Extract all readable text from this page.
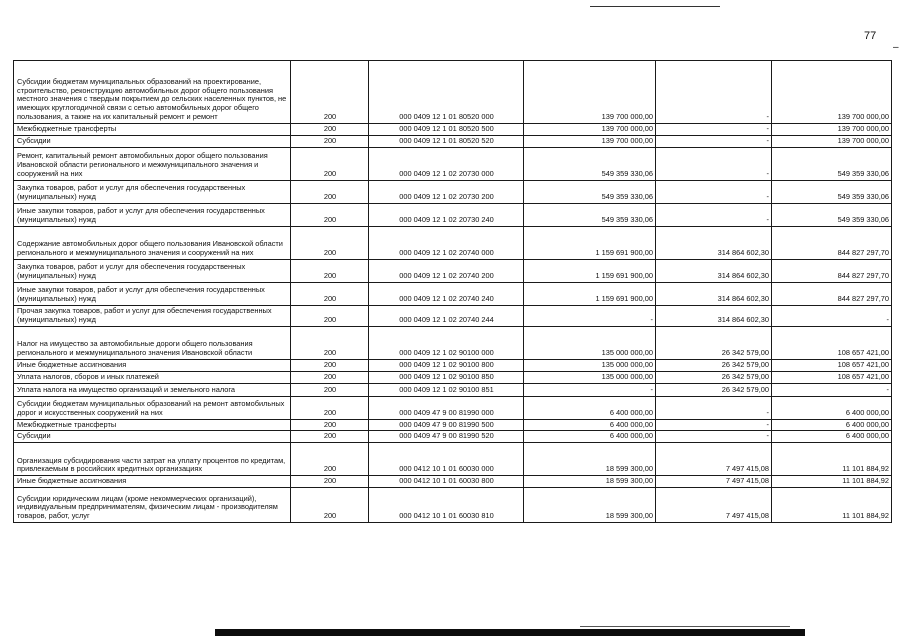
77
–
Субсидии бюджетам муниципальных образований на проектирование, строительство, реконструкцию автомобильных дорог общего пользования местного значения с твердым покрытием до сельских населенных пунктов, не имеющих круглогодичной связи с сетью автомобильных дорог общего пользования, а также на их капитальный ремонт и ремонт	200	000 0409 12 1 01 80520 000	139 700 000,00	-	139 700 000,00
Межбюджетные трансферты	200	000 0409 12 1 01 80520 500	139 700 000,00	-	139 700 000,00
Субсидии	200	000 0409 12 1 01 80520 520	139 700 000,00	-	139 700 000,00
Ремонт, капитальный ремонт автомобильных дорог общего пользования Ивановской области регионального и межмуниципального значения и сооружений на них	200	000 0409 12 1 02 20730 000	549 359 330,06	-	549 359 330,06
Закупка товаров, работ и услуг для обеспечения государственных (муниципальных) нужд	200	000 0409 12 1 02 20730 200	549 359 330,06	-	549 359 330,06
Иные закупки товаров, работ и услуг для обеспечения государственных (муниципальных) нужд	200	000 0409 12 1 02 20730 240	549 359 330,06	-	549 359 330,06
Содержание автомобильных дорог общего пользования Ивановской области регионального и межмуниципального значения и сооружений на них	200	000 0409 12 1 02 20740 000	1 159 691 900,00	314 864 602,30	844 827 297,70
Закупка товаров, работ и услуг для обеспечения государственных (муниципальных) нужд	200	000 0409 12 1 02 20740 200	1 159 691 900,00	314 864 602,30	844 827 297,70
Иные закупки товаров, работ и услуг для обеспечения государственных (муниципальных) нужд	200	000 0409 12 1 02 20740 240	1 159 691 900,00	314 864 602,30	844 827 297,70
Прочая закупка товаров, работ и услуг для обеспечения государственных (муниципальных) нужд	200	000 0409 12 1 02 20740 244	-	314 864 602,30	-
Налог на имущество за автомобильные дороги общего пользования регионального и межмуниципального значения Ивановской области	200	000 0409 12 1 02 90100 000	135 000 000,00	26 342 579,00	108 657 421,00
Иные бюджетные ассигнования	200	000 0409 12 1 02 90100 800	135 000 000,00	26 342 579,00	108 657 421,00
Уплата налогов, сборов и иных платежей	200	000 0409 12 1 02 90100 850	135 000 000,00	26 342 579,00	108 657 421,00
Уплата налога на имущество организаций и земельного налога	200	000 0409 12 1 02 90100 851	-	26 342 579,00	-
Субсидии бюджетам муниципальных образований на ремонт автомобильных дорог и искусственных сооружений на них	200	000 0409 47 9 00 81990 000	6 400 000,00	-	6 400 000,00
Межбюджетные трансферты	200	000 0409 47 9 00 81990 500	6 400 000,00	-	6 400 000,00
Субсидии	200	000 0409 47 9 00 81990 520	6 400 000,00	-	6 400 000,00
Организация субсидирования части затрат на уплату процентов по кредитам, привлекаемым в российских кредитных организациях	200	000 0412 10 1 01 60030 000	18 599 300,00	7 497 415,08	11 101 884,92
Иные бюджетные ассигнования	200	000 0412 10 1 01 60030 800	18 599 300,00	7 497 415,08	11 101 884,92
Субсидии юридическим лицам (кроме некоммерческих организаций), индивидуальным предпринимателям, физическим лицам - производителям товаров, работ, услуг	200	000 0412 10 1 01 60030 810	18 599 300,00	7 497 415,08	11 101 884,92
